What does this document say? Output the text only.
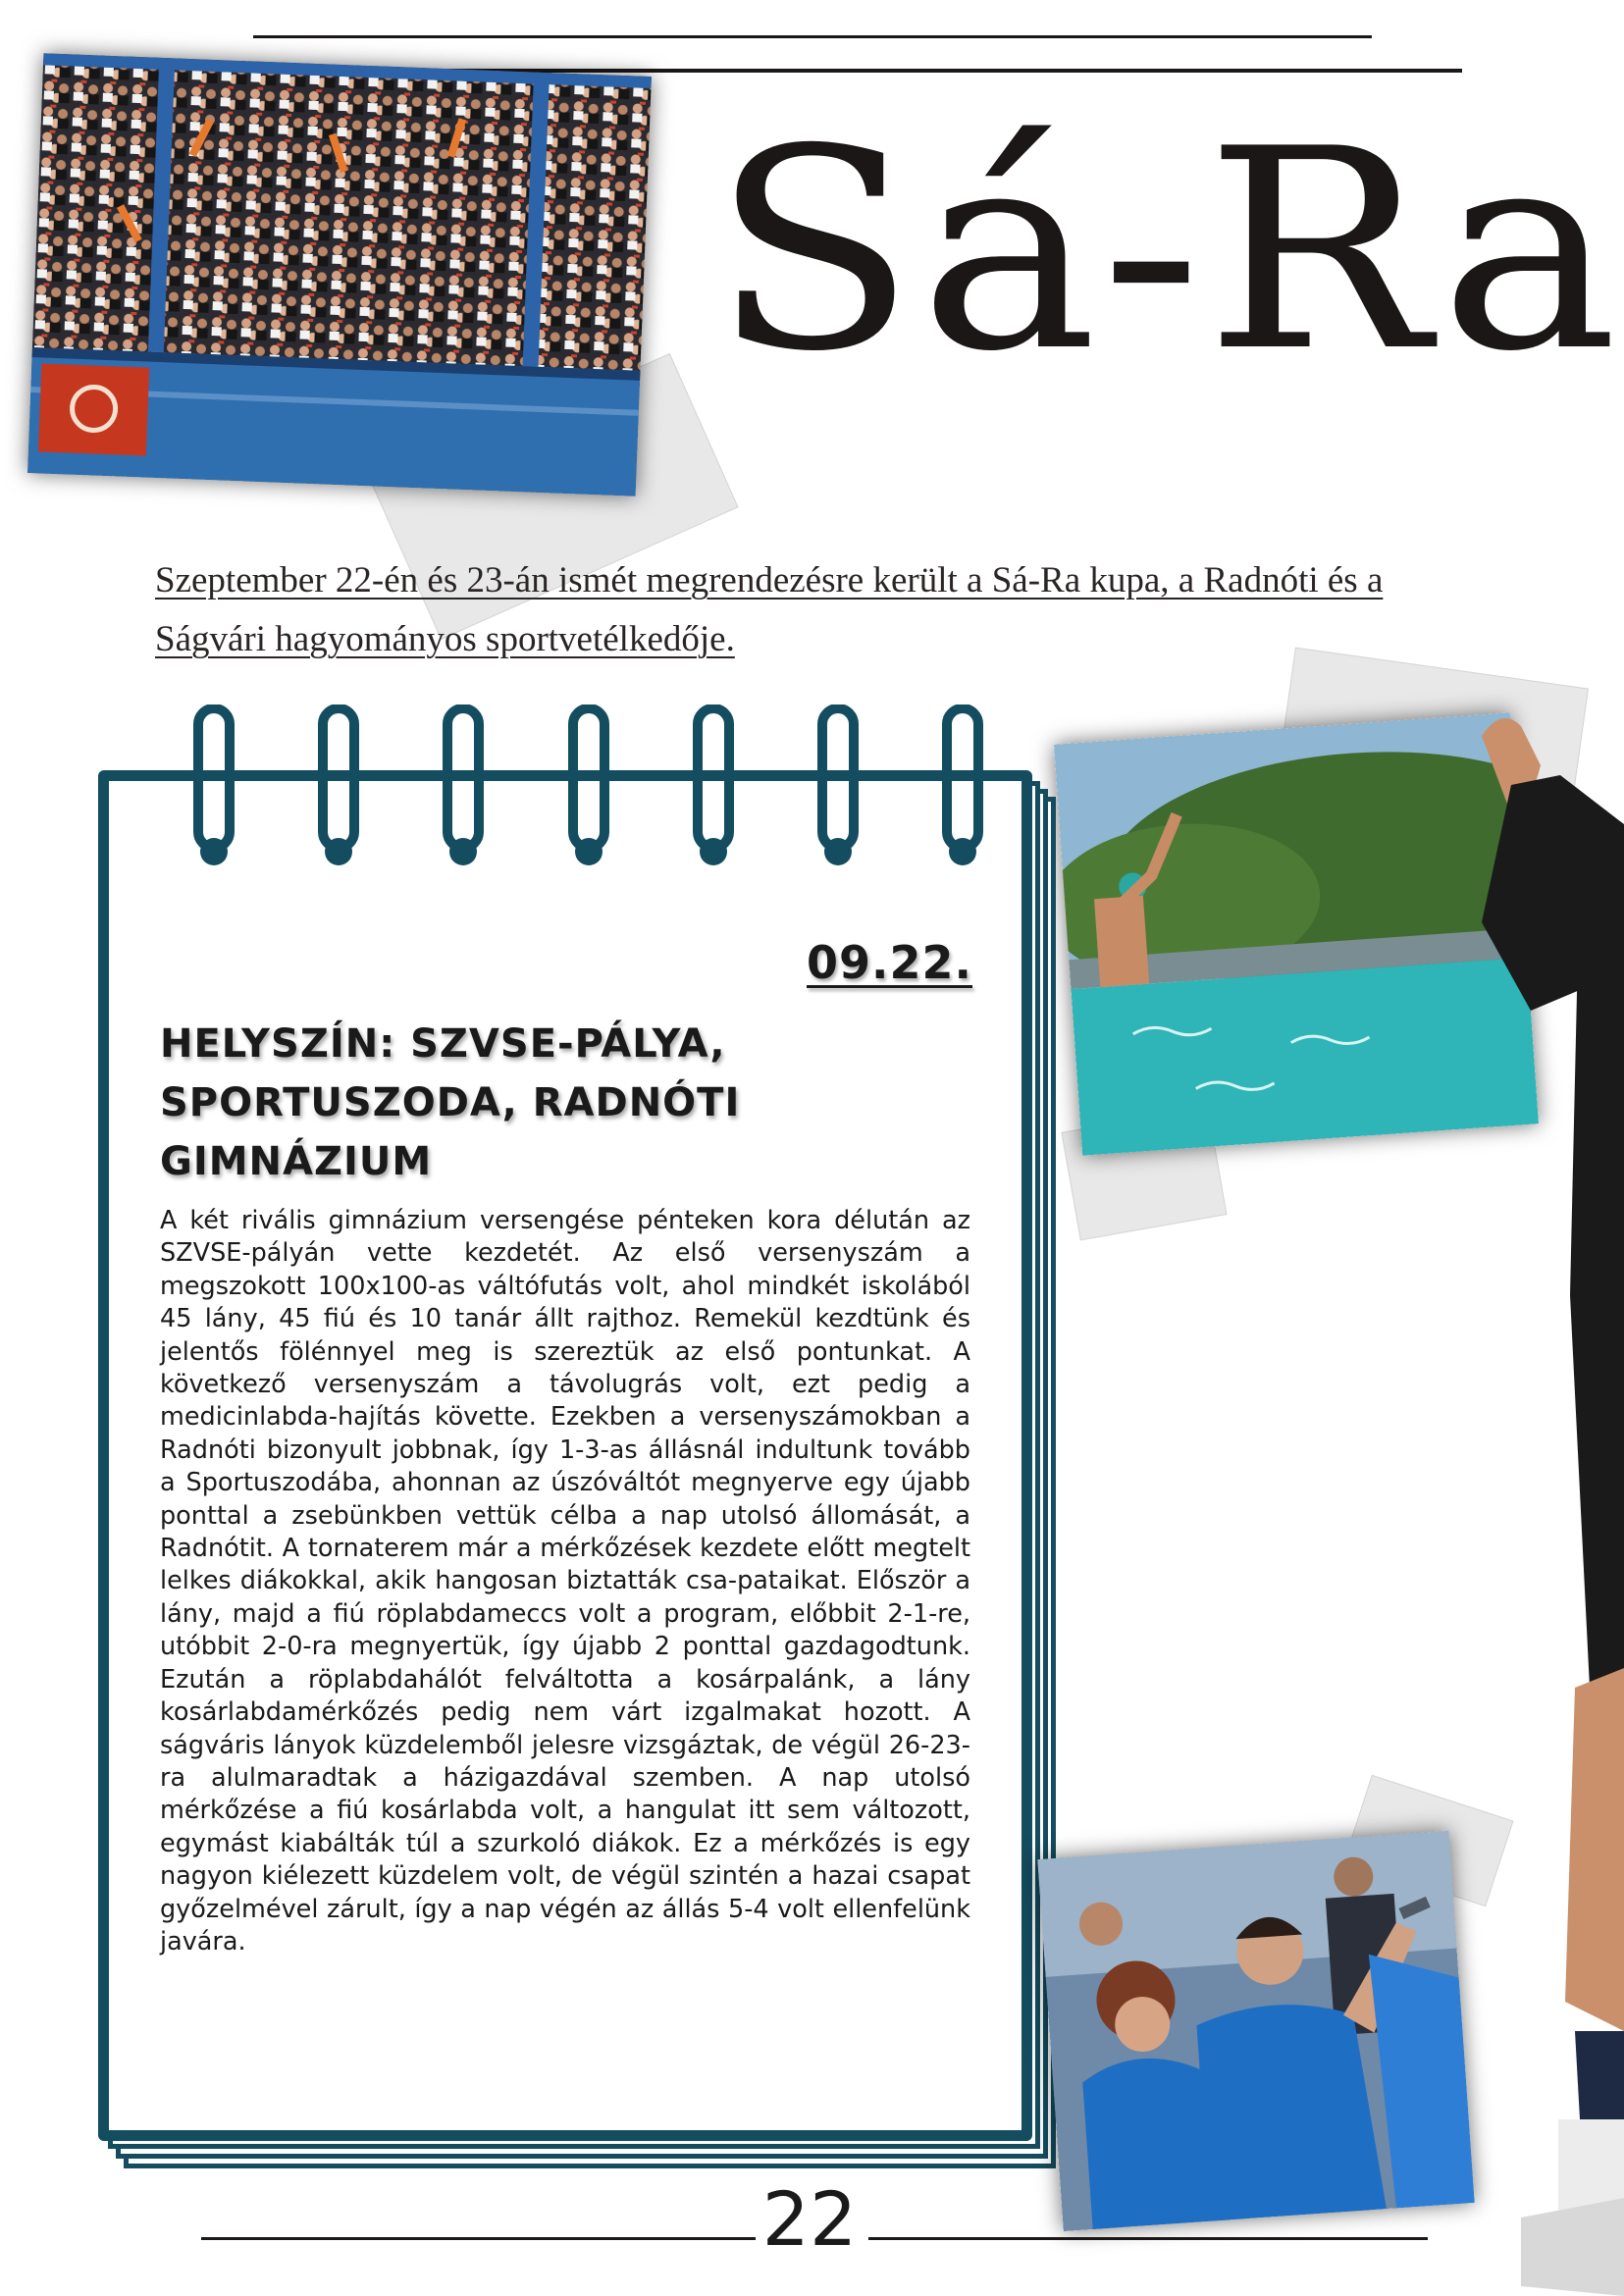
Sá-Ra
Szeptember 22-én és 23-án ismét megrendezésre került a Sá-Ra kupa, a Radnóti és a Ságvári hagyományos sportvetélkedője.
09.22.
HELYSZÍN: SZVSE-PÁLYA, SPORTUSZODA, RADNÓTI GIMNÁZIUM
A két rivális gimnázium versengése pénteken kora délután az SZVSE-pályán vette kezdetét. Az első versenyszám a megszokott 100x100-as váltófutás volt, ahol mindkét iskolából 45 lány, 45 fiú és 10 tanár állt rajthoz. Remekül kezdtünk és jelentős fölénnyel meg is szereztük az első pontunkat. A következő versenyszám a távolugrás volt, ezt pedig a medicinlabda-hajítás követte. Ezekben a versenyszámokban a Radnóti bizonyult jobbnak, így 1-3-as állásnál indultunk tovább a Sportuszodába, ahonnan az úszóváltót megnyerve egy újabb ponttal a zsebünkben vettük célba a nap utolsó állomását, a Radnótit. A tornaterem már a mérkőzések kezdete előtt megtelt lelkes diákokkal, akik hangosan biztatták csa-pataikat. Először a lány, majd a fiú röplabdameccs volt a program, előbbit 2-1-re, utóbbit 2-0-ra megnyertük, így újabb 2 ponttal gazdagodtunk. Ezután a röplabdahálót felváltotta a kosárpalánk, a lány kosárlabdamérkőzés pedig nem várt izgalmakat hozott. A ságváris lányok küzdelemből jelesre vizsgáztak, de végül 26-23-ra alulmaradtak a házigazdával szemben. A nap utolsó mérkőzése a fiú kosárlabda volt, a hangulat itt sem változott, egymást kiabálták túl a szurkoló diákok. Ez a mérkőzés is egy nagyon kiélezett küzdelem volt, de végül szintén a hazai csapat győzelmével zárult, így a nap végén az állás 5-4 volt ellenfelünk javára.
22
